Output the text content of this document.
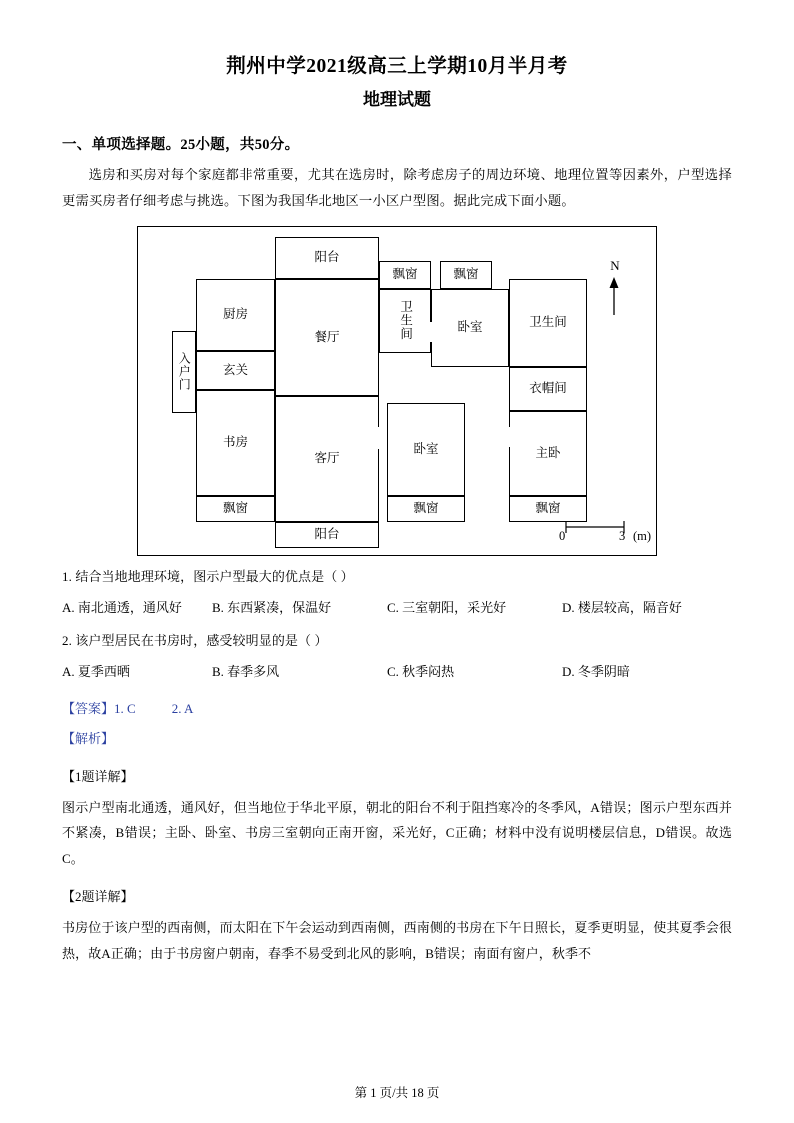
荆州中学2021级高三上学期10月半月考
地理试题
一、单项选择题。25小题，共50分。

选房和买房对每个家庭都非常重要，尤其在选房时，除考虑房子的周边环境、地理位置等因素外，户型选择更需买房者仔细考虑与挑选。下图为我国华北地区一小区户型图。据此完成下面小题。

阳台
飘窗	飘窗
厨房
餐厅	卫生间	卧室	卫生间
入户门	玄关
衣帽间
客厅
书房	卧室	主卧
飘窗
阳台
飘窗	飘窗
N
0	3 (m)
1. 结合当地地理环境，图示户型最大的优点是（ ）
A. 南北通透，通风好	B. 东西紧凑，保温好	C. 三室朝阳，采光好	D. 楼层较高，隔音好
2. 该户型居民在书房时，感受较明显的是（ ）
A. 夏季西晒	B. 春季多风	C. 秋季闷热	D. 冬季阴暗
【答案】1. C	2. A
【解析】
【1题详解】
图示户型南北通透，通风好，但当地位于华北平原，朝北的阳台不利于阻挡寒冷的冬季风，A错误；图示户型东西并不紧凑，B错误；主卧、卧室、书房三室朝向正南开窗，采光好，C正确；材料中没有说明楼层信息，D错误。故选C。
【2题详解】
书房位于该户型的西南侧，而太阳在下午会运动到西南侧，西南侧的书房在下午日照长，夏季更明显，使其夏季会很热，故A正确；由于书房窗户朝南，春季不易受到北风的影响，B错误；南面有窗户，秋季不
第 1 页/共 18 页
